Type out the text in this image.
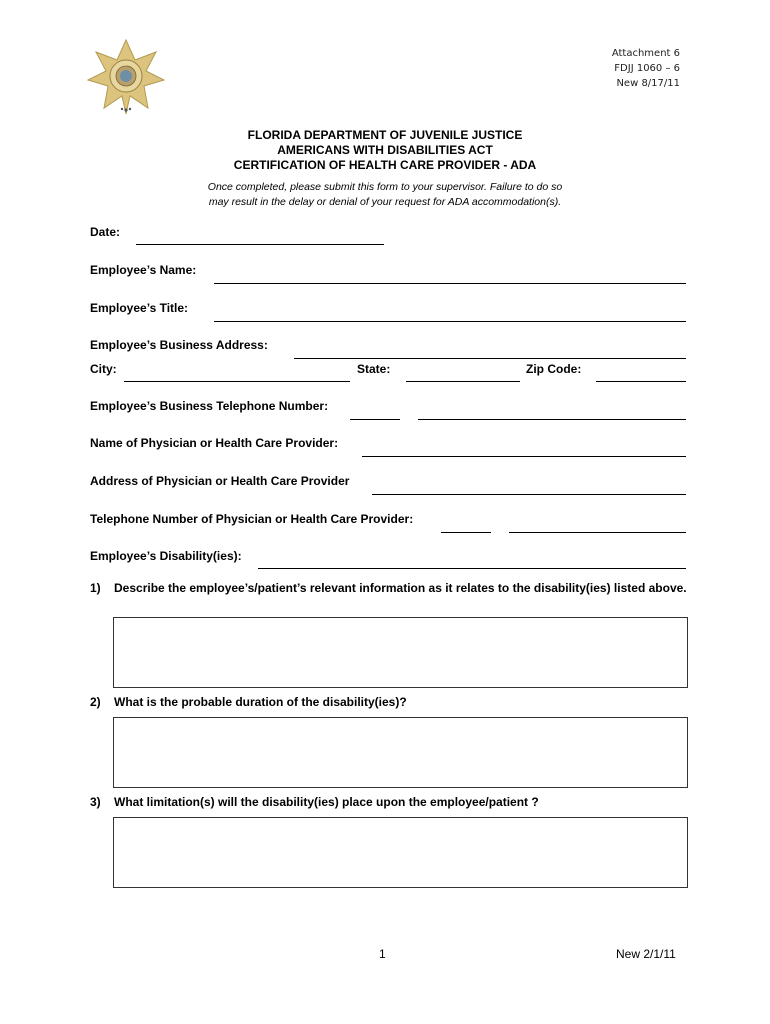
Attachment 6
FDJJ 1060 – 6
New 8/17/11
FLORIDA DEPARTMENT OF JUVENILE JUSTICE
AMERICANS WITH DISABILITIES ACT
CERTIFICATION OF HEALTH CARE PROVIDER - ADA
Once completed, please submit this form to your supervisor. Failure to do so
may result in the delay or denial of your request for ADA accommodation(s).
Date:
Employee’s Name:
Employee’s Title:
Employee’s Business Address:
City:	State:	Zip Code:
Employee’s Business Telephone Number:
Name of Physician or Health Care Provider:
Address of Physician or Health Care Provider
Telephone Number of Physician or Health Care Provider:
Employee’s Disability(ies):
1) Describe the employee’s/patient’s relevant information as it relates to the disability(ies) listed above.
2) What is the probable duration of the disability(ies)?
3) What limitation(s) will the disability(ies) place upon the employee/patient ?
1	New 2/1/11
